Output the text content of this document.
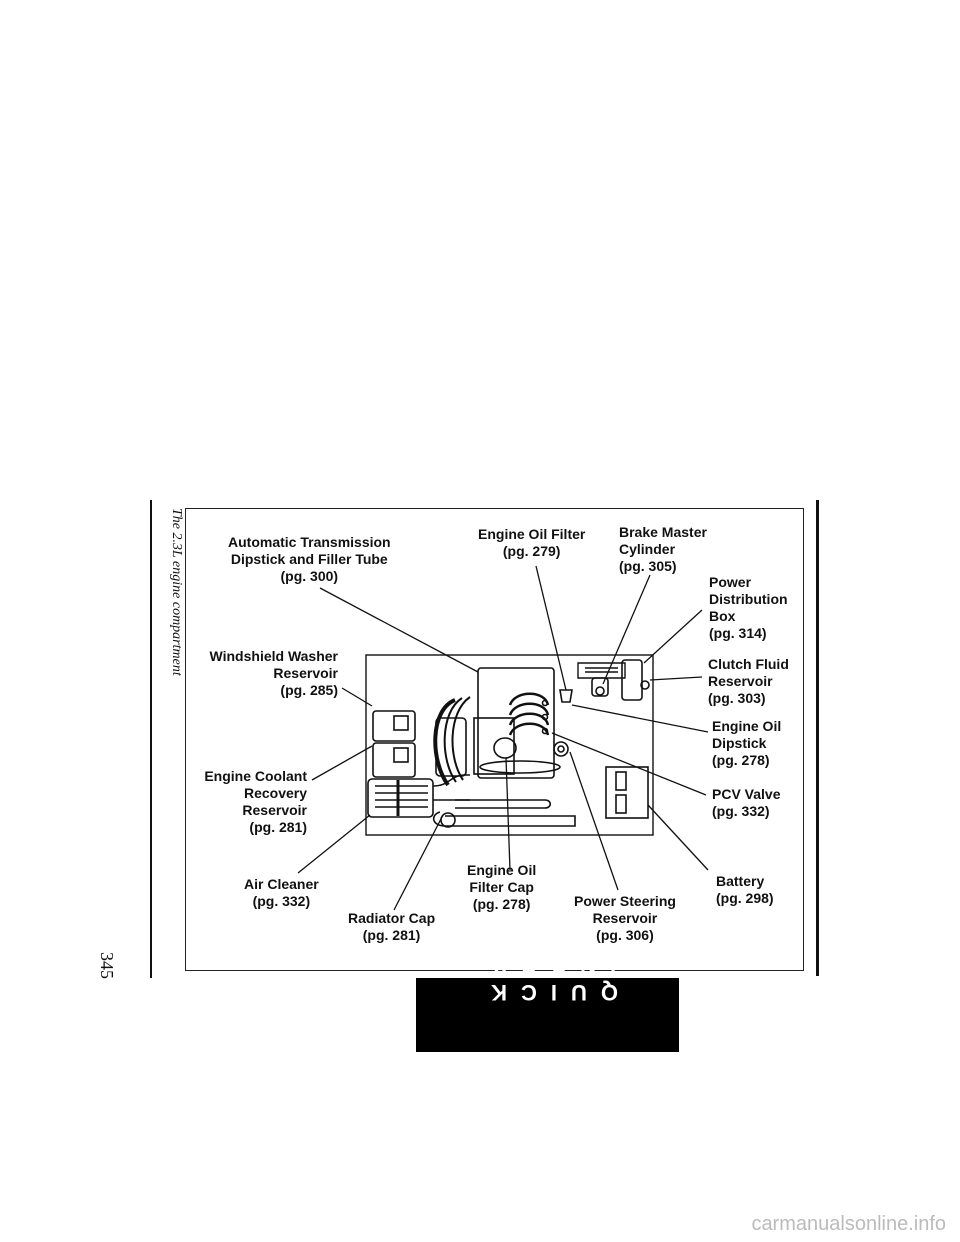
The 2.3L engine compartment
345
Automatic Transmission
Dipstick and Filler Tube
(pg. 300)
Engine Oil Filter
(pg. 279)
Brake Master
Cylinder
(pg. 305)
Power
Distribution
Box
(pg. 314)
Windshield Washer
Reservoir
(pg. 285)
Clutch Fluid
Reservoir
(pg. 303)
Engine Oil
Dipstick
(pg. 278)
Engine Coolant
Recovery
Reservoir
(pg. 281)
PCV Valve
(pg. 332)
Air Cleaner
(pg. 332)
Engine Oil
Filter Cap
(pg. 278)
Battery
(pg. 298)
Radiator Cap
(pg. 281)
Power Steering
Reservoir
(pg. 306)
QUICK INDEX
carmanualsonline.info
